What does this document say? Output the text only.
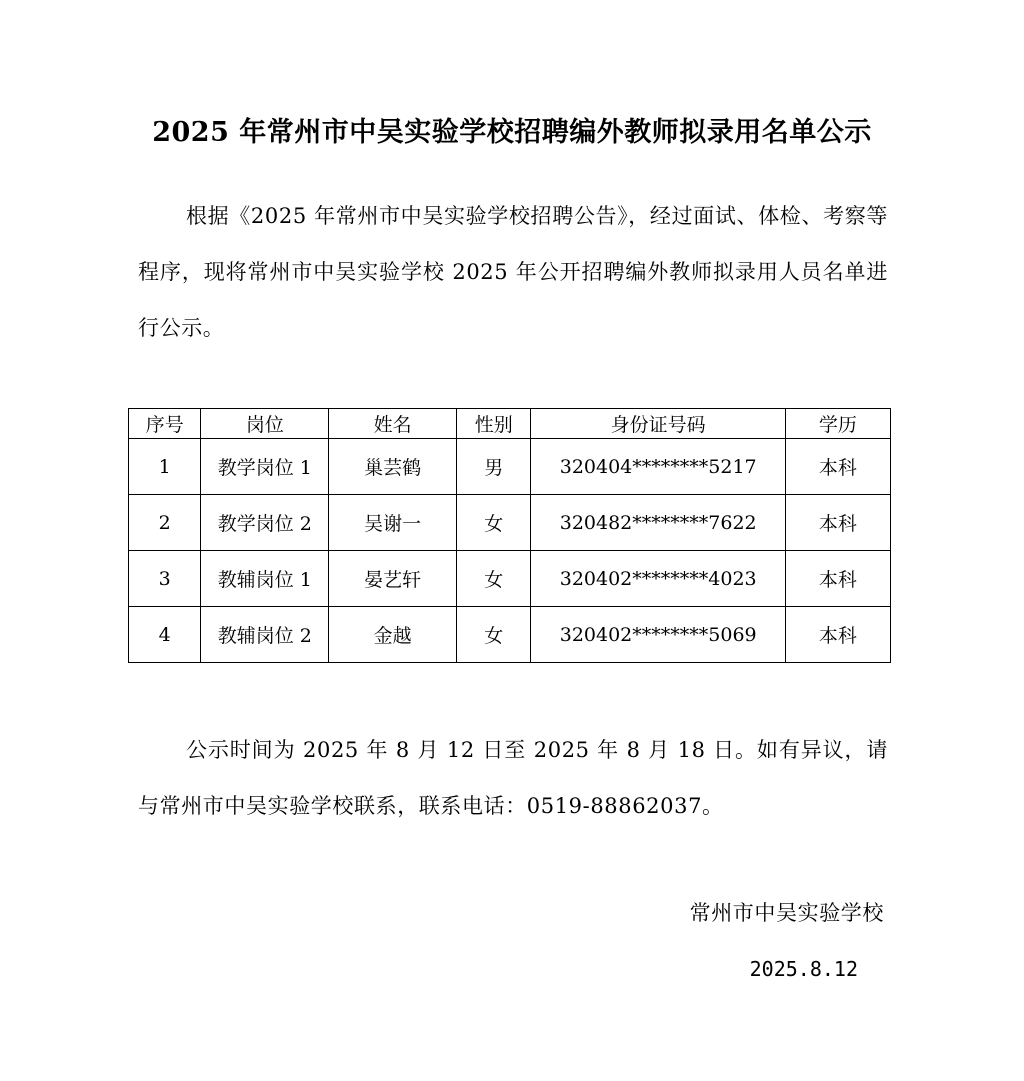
2025 年常州市中吴实验学校招聘编外教师拟录用名单公示

根据《2025 年常州市中吴实验学校招聘公告》，经过面试、体检、考察等程序，现将常州市中吴实验学校 2025 年公开招聘编外教师拟录用人员名单进行公示。

序号	岗位	姓名	性别	身份证号码	学历
1	教学岗位 1	巢芸鹤	男	320404********5217	本科
2	教学岗位 2	吴谢一	女	320482********7622	本科
3	教辅岗位 1	晏艺轩	女	320402********4023	本科
4	教辅岗位 2	金越	女	320402********5069	本科

公示时间为 2025 年 8 月 12 日至 2025 年 8 月 18 日。如有异议，请与常州市中吴实验学校联系，联系电话：0519-88862037。

常州市中吴实验学校

2025.8.12
